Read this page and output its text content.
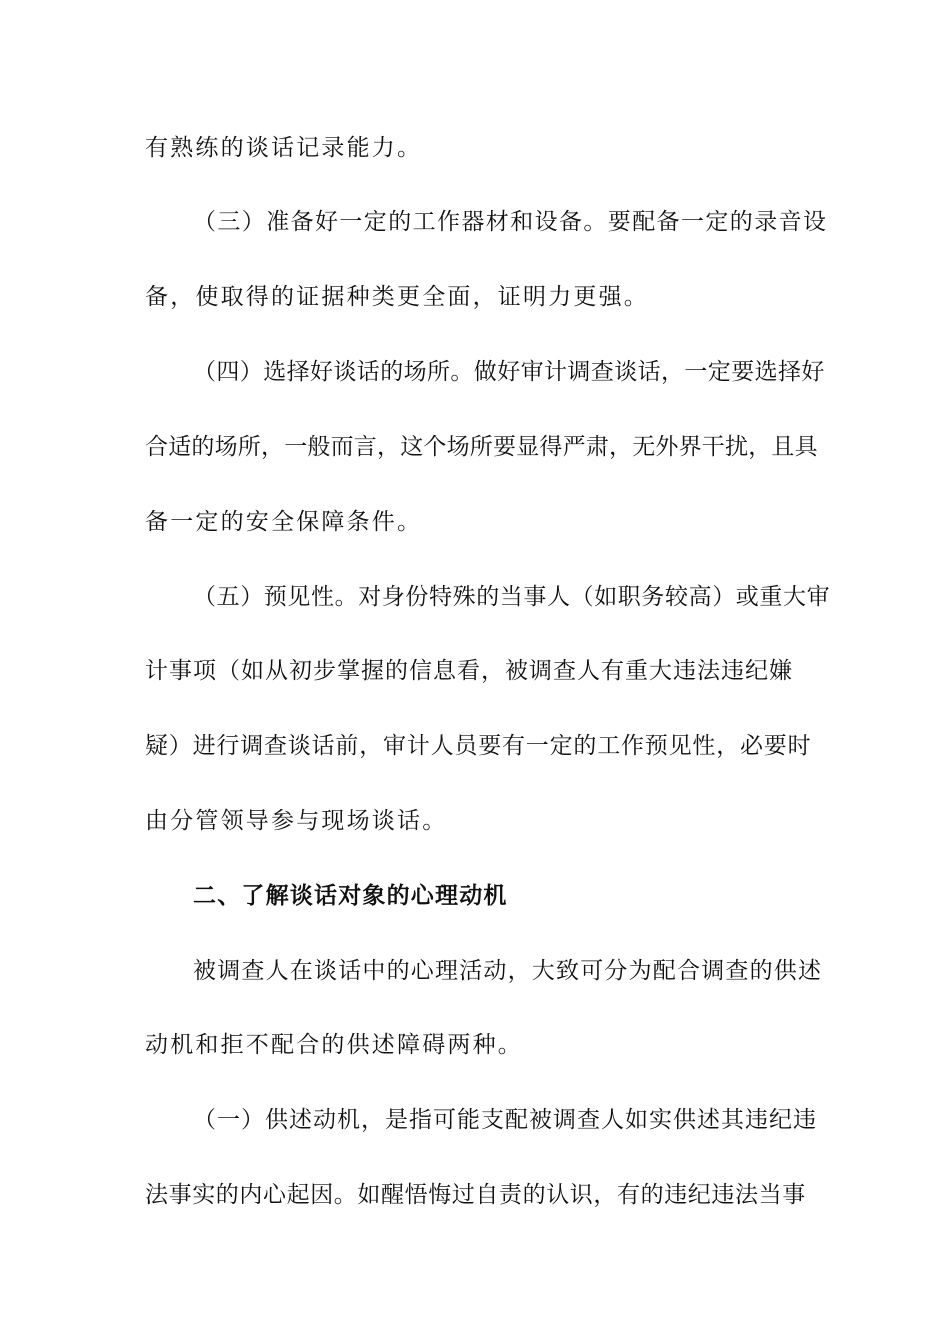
有熟练的谈话记录能力。
（三）准备好一定的工作器材和设备。要配备一定的录音设
备，使取得的证据种类更全面，证明力更强。
（四）选择好谈话的场所。做好审计调查谈话，一定要选择好
合适的场所，一般而言，这个场所要显得严肃，无外界干扰，且具
备一定的安全保障条件。
（五）预见性。对身份特殊的当事人（如职务较高）或重大审
计事项（如从初步掌握的信息看，被调查人有重大违法违纪嫌
疑）进行调查谈话前，审计人员要有一定的工作预见性，必要时
由分管领导参与现场谈话。
二、了解谈话对象的心理动机
被调查人在谈话中的心理活动，大致可分为配合调查的供述
动机和拒不配合的供述障碍两种。
（一）供述动机，是指可能支配被调查人如实供述其违纪违
法事实的内心起因。如醒悟悔过自责的认识，有的违纪违法当事
